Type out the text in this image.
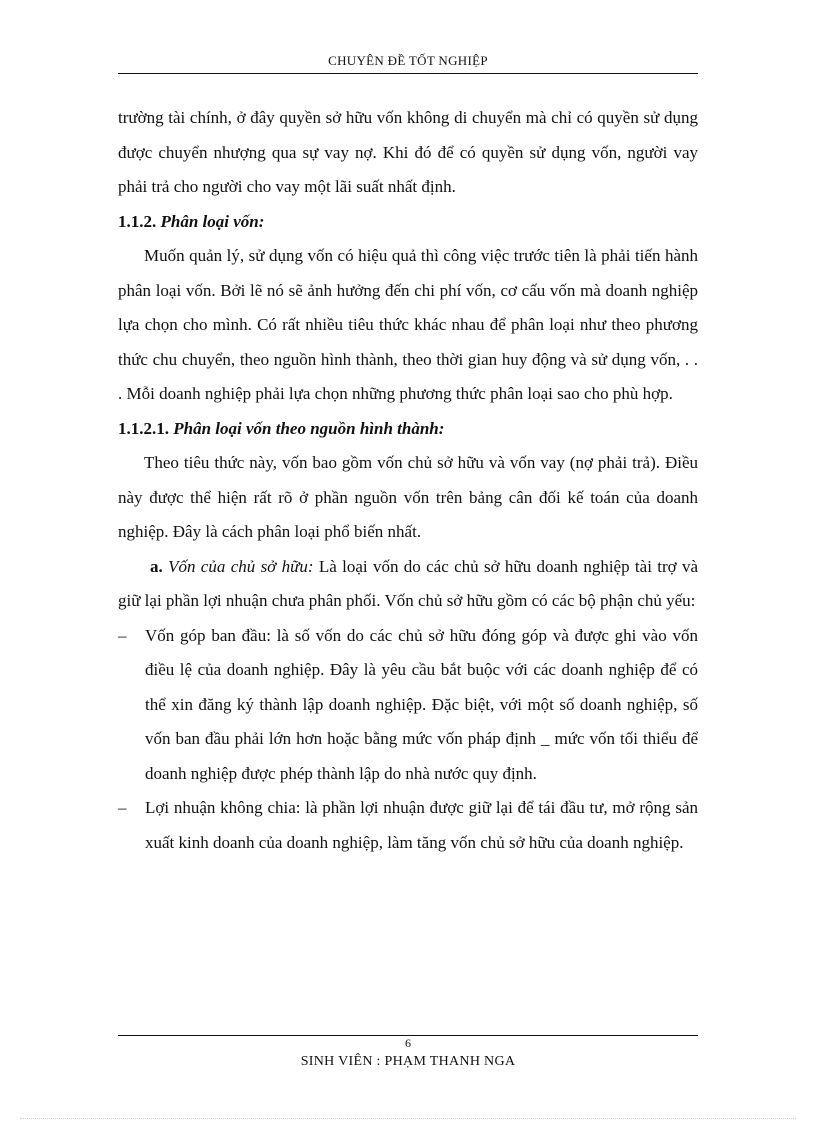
CHUYÊN ĐỀ TỐT NGHIỆP

trường tài chính, ở đây quyền sở hữu vốn không di chuyển mà chỉ có quyền sử dụng được chuyển nhượng qua sự vay nợ. Khi đó để có quyền sử dụng vốn, người vay phải trả cho người cho vay một lãi suất nhất định.

1.1.2. Phân loại vốn:

Muốn quản lý, sử dụng vốn có hiệu quả thì công việc trước tiên là phải tiến hành phân loại vốn. Bởi lẽ nó sẽ ảnh hưởng đến chi phí vốn, cơ cấu vốn mà doanh nghiệp lựa chọn cho mình. Có rất nhiều tiêu thức khác nhau để phân loại như theo phương thức chu chuyển, theo nguồn hình thành, theo thời gian huy động và sử dụng vốn, . . . Mỗi doanh nghiệp phải lựa chọn những phương thức phân loại sao cho phù hợp.

1.1.2.1. Phân loại vốn theo nguồn hình thành:

Theo tiêu thức này, vốn bao gồm vốn chủ sở hữu và vốn vay (nợ phải trả). Điều này được thể hiện rất rõ ở phần nguồn vốn trên bảng cân đối kế toán của doanh nghiệp. Đây là cách phân loại phổ biến nhất.

a. Vốn của chủ sở hữu: Là loại vốn do các chủ sở hữu doanh nghiệp tài trợ và giữ lại phần lợi nhuận chưa phân phối. Vốn chủ sở hữu gồm có các bộ phận chủ yếu:

– Vốn góp ban đầu: là số vốn do các chủ sở hữu đóng góp và được ghi vào vốn điều lệ của doanh nghiệp. Đây là yêu cầu bắt buộc với các doanh nghiệp để có thể xin đăng ký thành lập doanh nghiệp. Đặc biệt, với một số doanh nghiệp, số vốn ban đầu phải lớn hơn hoặc bằng mức vốn pháp định _ mức vốn tối thiểu để doanh nghiệp được phép thành lập do nhà nước quy định.
– Lợi nhuận không chia: là phần lợi nhuận được giữ lại để tái đầu tư, mở rộng sản xuất kinh doanh của doanh nghiệp, làm tăng vốn chủ sở hữu của doanh nghiệp.
6
SINH VIÊN : PHẠM THANH NGA
